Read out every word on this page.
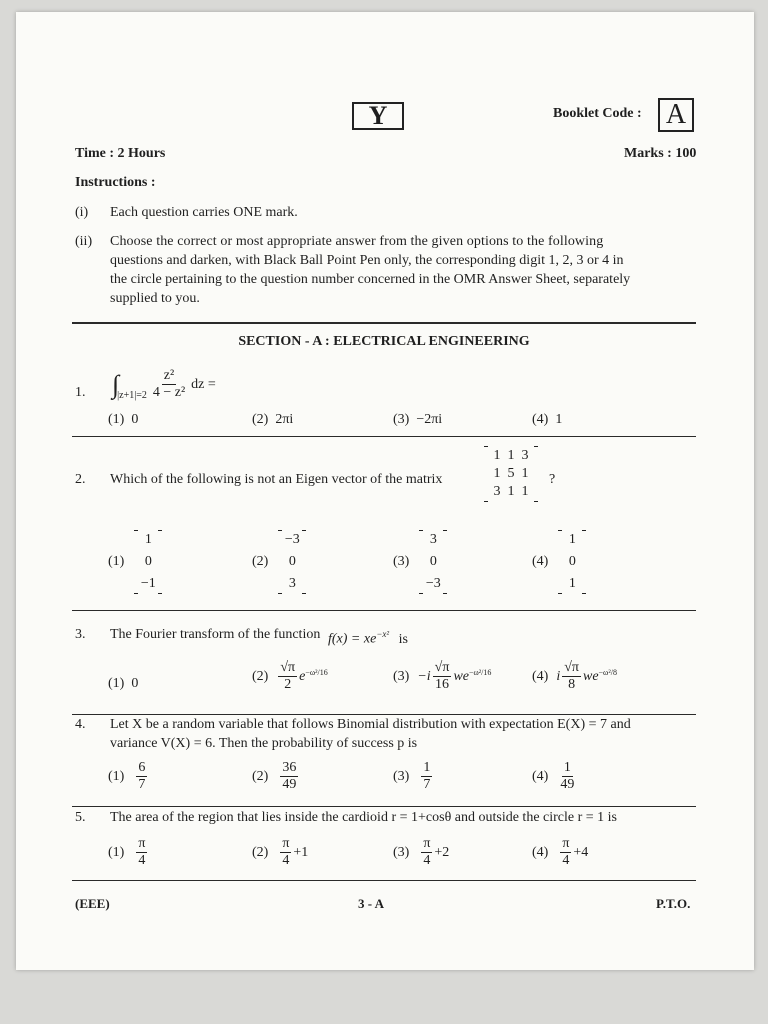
Y	Booklet Code : A
Time : 2 Hours	Marks : 100
Instructions :
(i) Each question carries ONE mark.
(ii) Choose the correct or most appropriate answer from the given options to the following
questions and darken, with Black Ball Point Pen only, the corresponding digit 1, 2, 3 or 4 in
the circle pertaining to the question number concerned in the OMR Answer Sheet, separately
supplied to you.
SECTION - A : ELECTRICAL ENGINEERING
1. ∫
$|z+1|=2 \frac{\text{z²}}{\text{4 − z²}}$ dz =
(1) 0	(2) 2πi	(3) −2πi	(4) 1
2. Which of the following is not an Eigen vector of the matrix
1 1 3
1 5 1
3 1 1
?
(1)
1
0
−1
(2)
−3
0
3
(3)
3
0
−3
(4)
1
0
1
3. The Fourier transform of the function $f(x) = xe^{-x^2}$ is
(1) 0	$(2) \frac{√\pi}{2}$ e −ω²/16	$(3) -i \frac{√\pi}{16}$ we −ω²/16	(4) i $\frac{√\pi}{8}$ we −ω²/8
4. Let X be a random variable that follows Binomial distribution with expectation E(X) = 7 and
variance V(X) = 6. Then the probability of success p is
$(1) \frac{6}{7}$	$(2) \frac{36}{49}$	$(3) \frac{1}{7}$	$(4) \frac{1}{49}$
5. The area of the region that lies inside the cardioid r = 1+cosθ and outside the circle r = 1 is
$(1) \frac{\pi}{4}$	$(2) \frac{\pi}{4} +1$	$(3) \frac{\pi}{4} +2$	$(4) \frac{\pi}{4} +4$
(EEE)	3 - A	P.T.O.
